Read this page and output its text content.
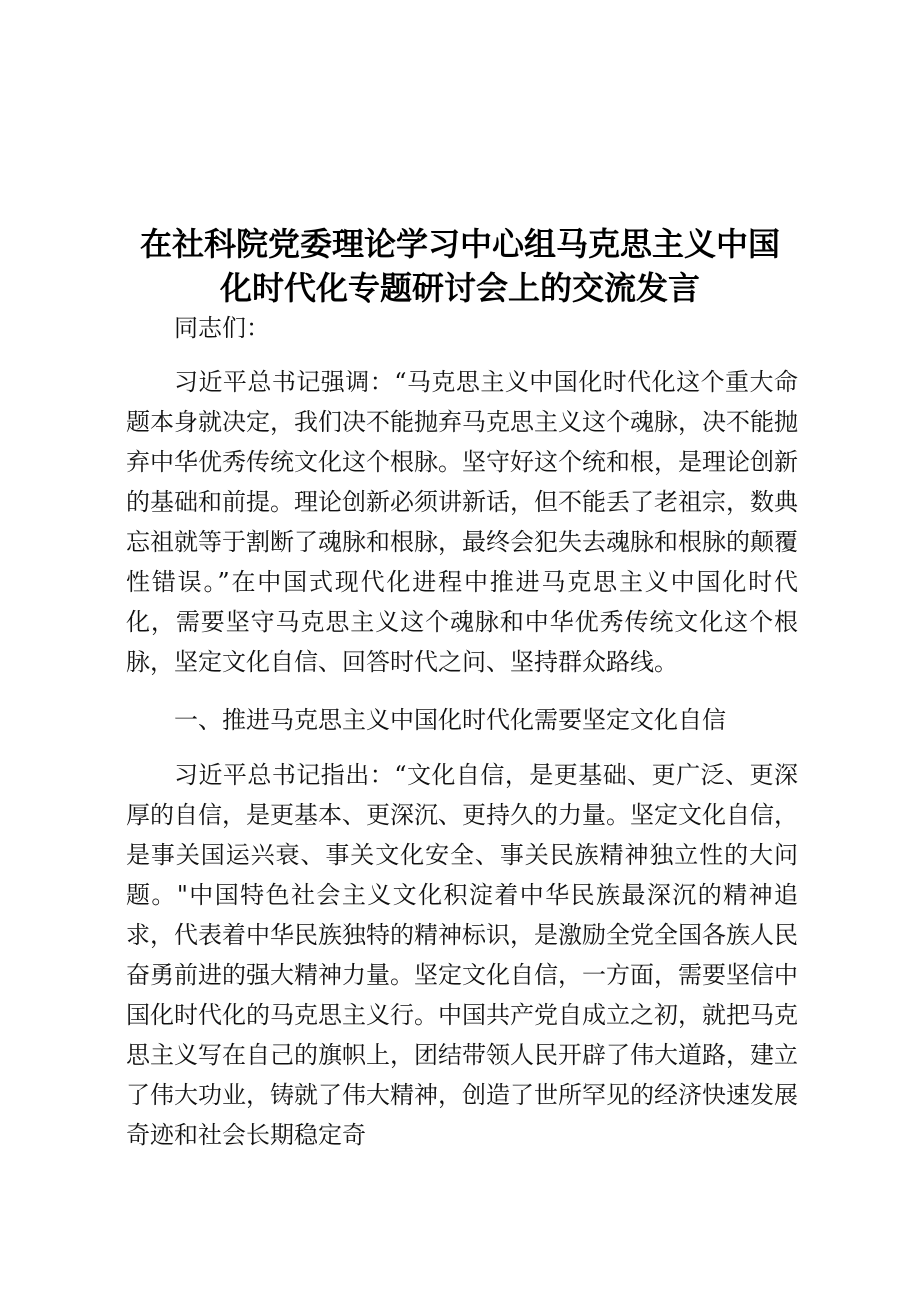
在社科院党委理论学习中心组马克思主义中国
化时代化专题研讨会上的交流发言

同志们：

习近平总书记强调：“马克思主义中国化时代化这个重大命题本身就决定，我们决不能抛弃马克思主义这个魂脉，决不能抛弃中华优秀传统文化这个根脉。坚守好这个统和根，是理论创新的基础和前提。理论创新必须讲新话，但不能丢了老祖宗，数典忘祖就等于割断了魂脉和根脉，最终会犯失去魂脉和根脉的颠覆性错误。”在中国式现代化进程中推进马克思主义中国化时代化，需要坚守马克思主义这个魂脉和中华优秀传统文化这个根脉，坚定文化自信、回答时代之问、坚持群众路线。

一、推进马克思主义中国化时代化需要坚定文化自信

习近平总书记指出：“文化自信，是更基础、更广泛、更深厚的自信，是更基本、更深沉、更持久的力量。坚定文化自信，是事关国运兴衰、事关文化安全、事关民族精神独立性的大问题。"中国特色社会主义文化积淀着中华民族最深沉的精神追求，代表着中华民族独特的精神标识，是激励全党全国各族人民奋勇前进的强大精神力量。坚定文化自信，一方面，需要坚信中国化时代化的马克思主义行。中国共产党自成立之初，就把马克思主义写在自己的旗帜上，团结带领人民开辟了伟大道路，建立了伟大功业，铸就了伟大精神，创造了世所罕见的经济快速发展奇迹和社会长期稳定奇
